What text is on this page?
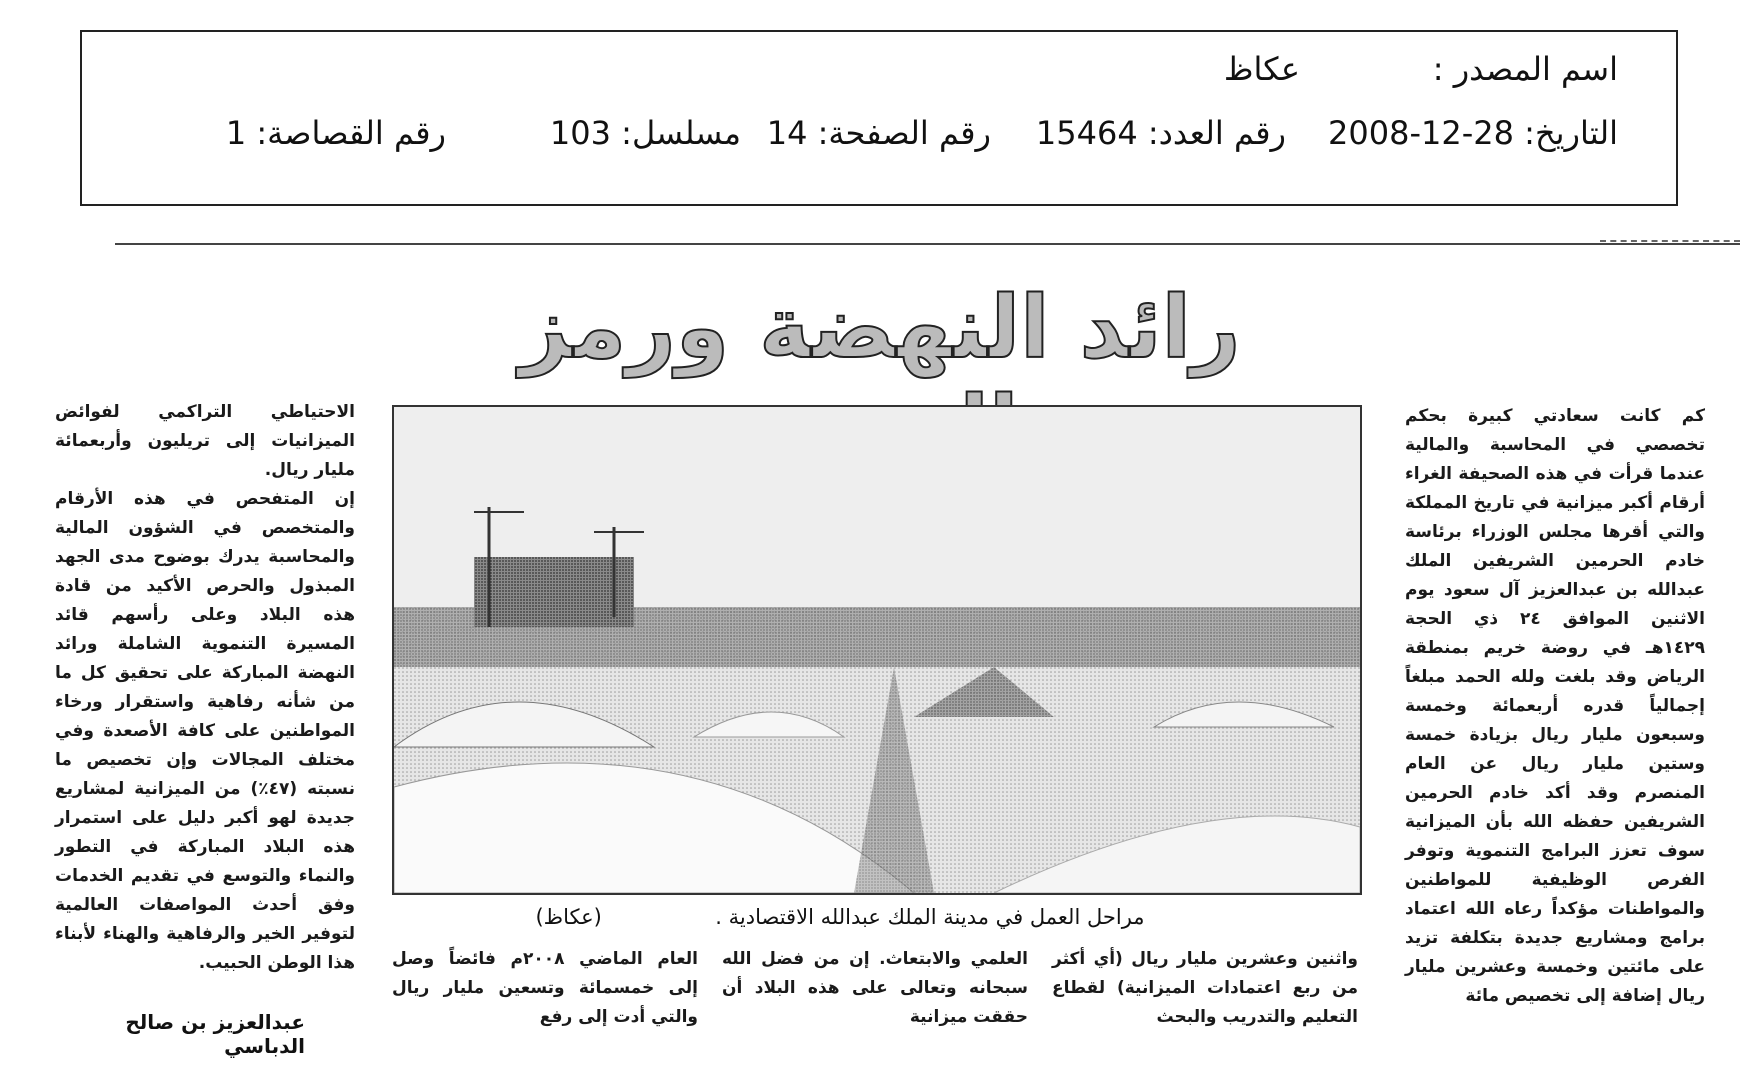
اسم المصدر :
عكاظ
التاريخ: 28-12-2008
رقم العدد: 15464
رقم الصفحة: 14
مسلسل: 103
رقم القصاصة: 1
رائد النهضة ورمز

كم كانت سعادتي كبيرة بحكم تخصصي في المحاسبة والمالية عندما قرأت في هذه الصحيفة الغراء أرقام أكبر ميزانية في تاريخ المملكة والتي أقرها مجلس الوزراء برئاسة خادم الحرمين الشريفين الملك عبدالله بن عبدالعزيز آل سعود يوم الاثنين الموافق ٢٤ ذي الحجة ١٤٢٩هـ في روضة خريم بمنطقة الرياض وقد بلغت ولله الحمد مبلغاً إجمالياً قدره أربعمائة وخمسة وسبعون مليار ريال بزيادة خمسة وستين مليار ريال عن العام المنصرم وقد أكد خادم الحرمين الشريفين حفظه الله بأن الميزانية سوف تعزز البرامج التنموية وتوفر الفرص الوظيفية للمواطنين والمواطنات مؤكداً رعاه الله اعتماد برامج ومشاريع جديدة بتكلفة تزيد على مائتين وخمسة وعشرين مليار ريال إضافة إلى تخصيص مائة

مراحل العمل في مدينة الملك عبدالله الاقتصادية .                 (عكاظ)

واثنين وعشرين مليار ريال (أي أكثر من ربع اعتمادات الميزانية) لقطاع التعليم والتدريب والبحث

العلمي والابتعاث. إن من فضل الله سبحانه وتعالى على هذه البلاد أن حققت ميزانية

العام الماضي ٢٠٠٨م فائضاً وصل إلى خمسمائة وتسعين مليار ريال والتي أدت إلى رفع

الاحتياطي التراكمي لفوائض الميزانيات إلى تريليون وأربعمائة مليار ريال.

إن المتفحص في هذه الأرقام والمتخصص في الشؤون المالية والمحاسبة يدرك بوضوح مدى الجهد المبذول والحرص الأكيد من قادة هذه البلاد وعلى رأسهم قائد المسيرة التنموية الشاملة ورائد النهضة المباركة على تحقيق كل ما من شأنه رفاهية واستقرار ورخاء المواطنين على كافة الأصعدة وفي مختلف المجالات وإن تخصيص ما نسبته (٤٧٪) من الميزانية لمشاريع جديدة لهو أكبر دليل على استمرار هذه البلاد المباركة في التطور والنماء والتوسع في تقديم الخدمات وفق أحدث المواصفات العالمية لتوفير الخير والرفاهية والهناء لأبناء هذا الوطن الحبيب.

عبدالعزيز بن صالح الدباسي
